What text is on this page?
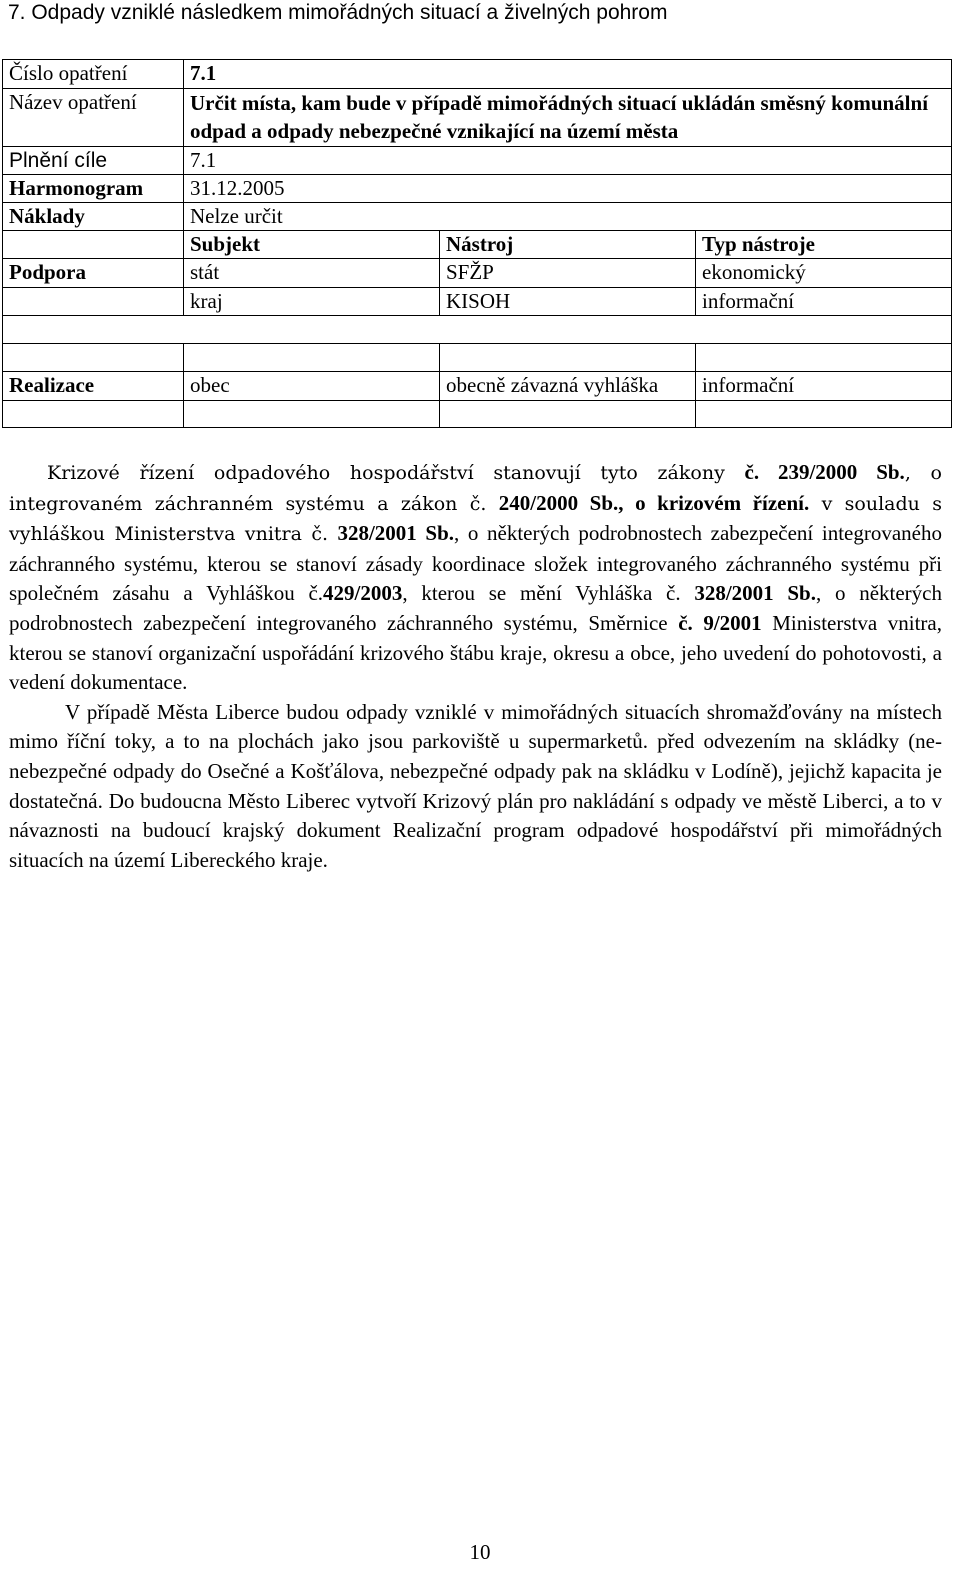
7. Odpady vzniklé následkem mimořádných situací a živelných pohrom
Číslo opatření	7.1		
Název opatření	Určit místa, kam bude v případě mimořádných situací ukládán směsný komunální odpad a odpady nebezpečné vznikající na území města		
Plnění cíle	7.1		
Harmonogram	31.12.2005		
Náklady	Nelze určit		
	Subjekt	Nástroj	Typ nástroje
Podpora	stát	SFŽP	ekonomický
	kraj	KISOH	informační

Realizace	obec	obecně závazná vyhláška	informační

Krizové řízení odpadového hospodářství stanovují tyto zákony č. 239/2000 Sb., o integrovaném záchranném systému a zákon č. 240/2000 Sb., o krizovém řízení. v souladu s vyhláškou Ministerstva vnitra č. 328/2001 Sb., o některých podrobnostech zabezpečení integrovaného záchranného systému, kterou se stanoví zásady koordinace složek integrovaného záchranného systému při společném zásahu a Vyhláškou č.429/2003, kterou se mění Vyhláška č. 328/2001 Sb., o některých podrobnostech zabezpečení integrovaného záchranného systému, Směrnice č. 9/2001 Ministerstva vnitra, kterou se stanoví organizační uspořádání krizového štábu kraje, okresu a obce, jeho uvedení do pohotovosti, a vedení dokumentace.

V případě Města Liberce budou odpady vzniklé v mimořádných situacích shromažďovány na místech mimo říční toky, a to na plochách jako jsou parkoviště u supermarketů. před odvezením na skládky (ne-nebezpečné odpady do Osečné a Košťálova, nebezpečné odpady pak na skládku v Lodíně), jejichž kapacita je dostatečná. Do budoucna Město Liberec vytvoří Krizový plán pro nakládání s odpady ve městě Liberci, a to v návaznosti na budoucí krajský dokument Realizační program odpadové hospodářství při mimořádných situacích na území Libereckého kraje.

10
